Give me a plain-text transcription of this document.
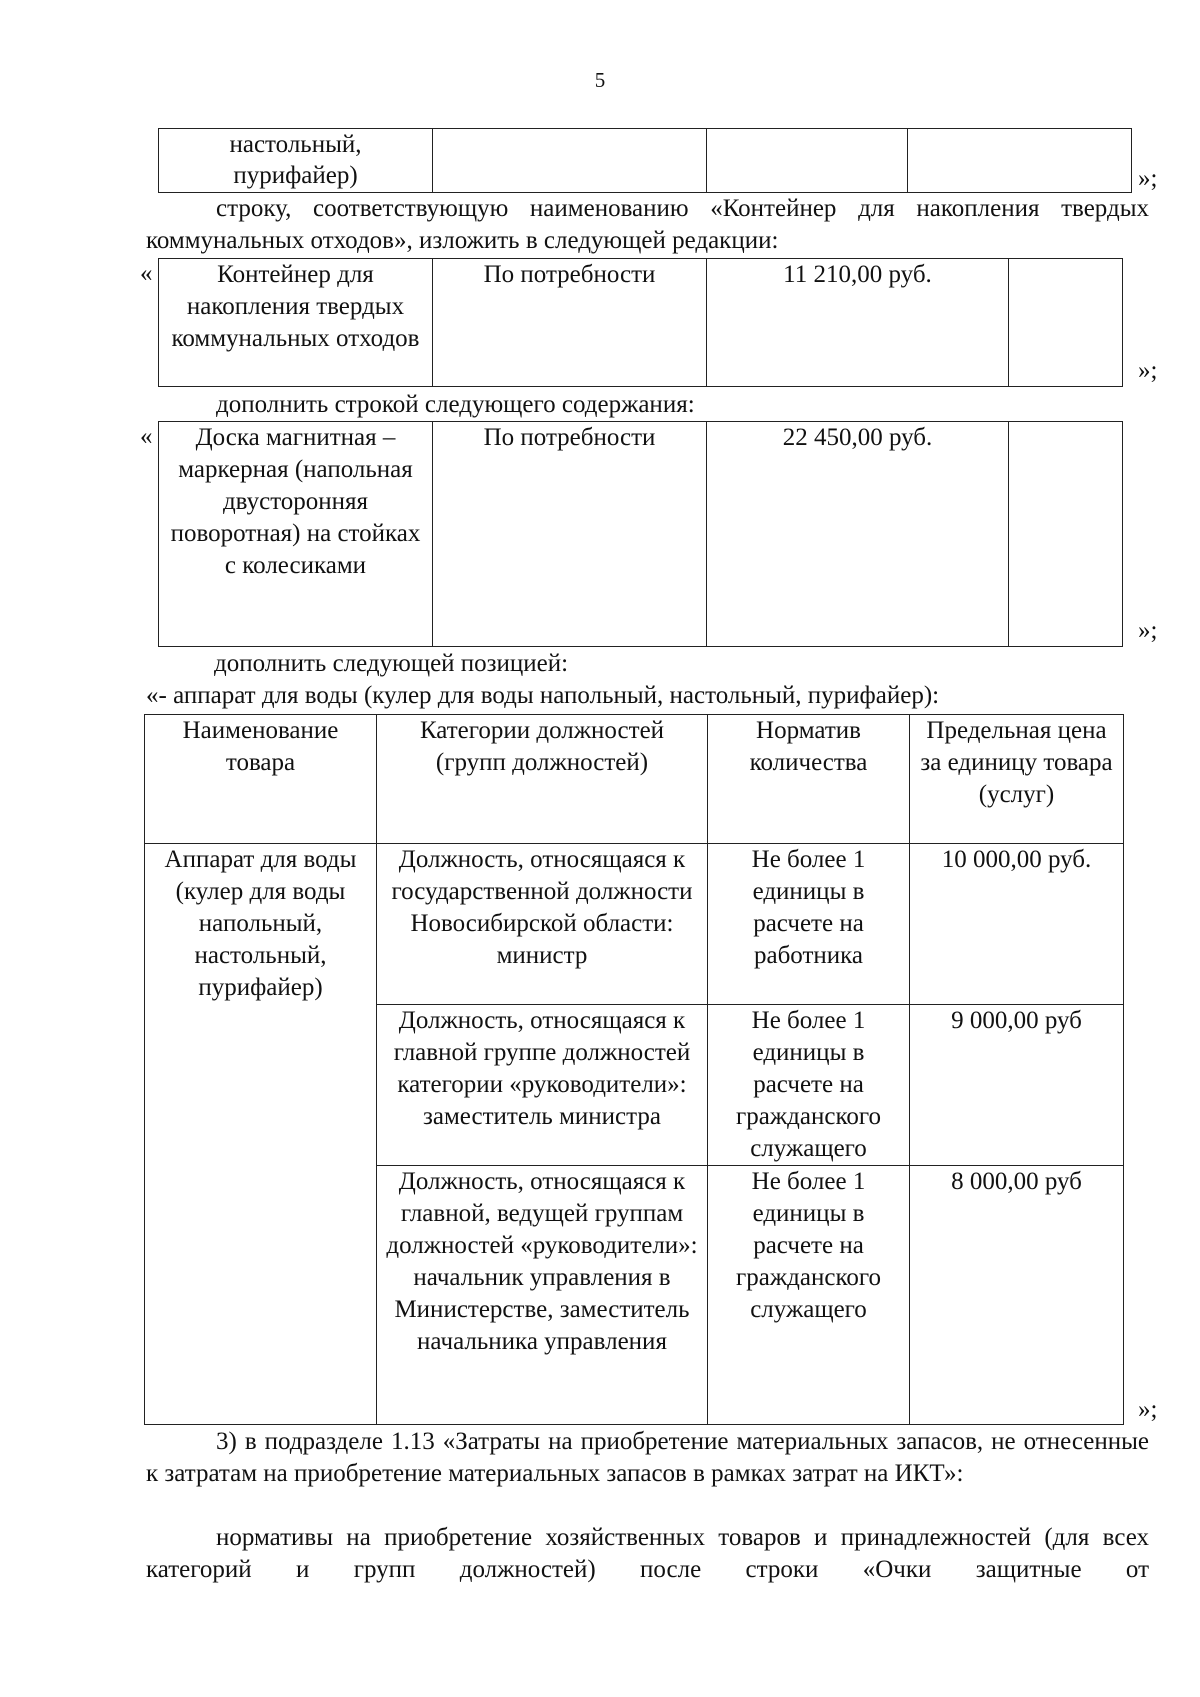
5
настольный,
пурифайер)				»;
строку, соответствующую наименованию «Контейнер для накопления твердых коммунальных отходов», изложить в следующей редакции:
«	Контейнер для накопления твердых коммунальных отходов	По потребности	11 210,00 руб.	
»;
дополнить строкой следующего содержания:
« Доска магнитная – маркерная (напольная двусторонняя поворотная) на стойках с колесиками	По потребности	22 450,00 руб.	
»;
дополнить следующей позицией:
«- аппарат для воды (кулер для воды напольный, настольный, пурифайер):
Наименование товара	Категории должностей (групп должностей)	Норматив количества	Предельная цена за единицу товара (услуг)
Аппарат для воды (кулер для воды напольный, настольный, пурифайер)	Должность, относящаяся к государственной должности Новосибирской области: министр	Не более 1 единицы в расчете на работника	10 000,00 руб.
	Должность, относящаяся к главной группе должностей категории «руководители»: заместитель министра	Не более 1 единицы в расчете на гражданского служащего	9 000,00 руб
	Должность, относящаяся к главной, ведущей группам должностей «руководители»: начальник управления в Министерстве, заместитель начальника управления	Не более 1 единицы в расчете на гражданского служащего	8 000,00 руб
»;
3) в подразделе 1.13 «Затраты на приобретение материальных запасов, не отнесенные к затратам на приобретение материальных запасов в рамках затрат на ИКТ»:
нормативы на приобретение хозяйственных товаров и принадлежностей (для всех категорий и групп должностей) после строки «Очки защитные от
